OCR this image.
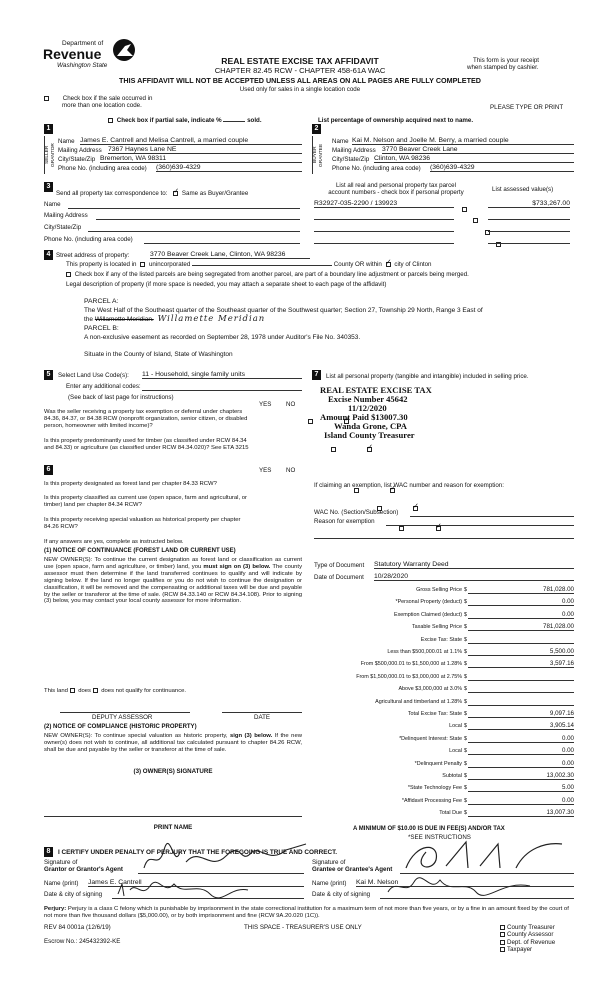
Department of
Revenue
Washington State	REAL ESTATE EXCISE TAX AFFIDAVIT
CHAPTER 82.45 RCW - CHAPTER 458-61A WAC
THIS AFFIDAVIT WILL NOT BE ACCEPTED UNLESS ALL AREAS ON ALL PAGES ARE FULLY COMPLETED
Used only for sales in a single location code
This form is your receipt
when stamped by cashier.
Check box if the sale occurred in
more than one location code.	PLEASE TYPE OR PRINT
Check box if partial sale, indicate %	sold.	List percentage of ownership acquired next to name.
1
SELLER GRANTOR
Name James E. Cantrell and Melisa Cantrell, a married couple
Mailing Address 7367 Haynes Lane NE
City/State/Zip Bremerton, WA 98311
Phone No. (including area code) (360)639-4329
2
BUYER GRANTEE
Name Kai M. Nelson and Joelle M. Berry, a married couple
Mailing Address 3770 Beaver Creek Lane
City/State/Zip Clinton, WA 98236
Phone No. (including area code) (360)639-4329
3
Send all property tax correspondence to: ✓ Same as Buyer/Grantee
Name
Mailing Address
City/State/Zip
Phone No. (including area code)
List all real and personal property tax parcel
account numbers - check box if personal property	List assessed value(s)
R32927-035-2290 / 139923
	$733,267.00

4 Street address of property:	3770 Beaver Creek Lane, Clinton, WA 98236
This property is located in unincorporated	County OR within ✓ city of Clinton
Check box if any of the listed parcels are being segregated from another parcel, are part of a boundary line adjustment or parcels being merged.
Legal description of property (if more space is needed, you may attach a separate sheet to each page of the affidavit)
PARCEL A:
The West Half of the Southeast quarter of the Southeast quarter of the Southwest quarter; Section 27, Township 29 North, Range 3 East of
the Willamette Meridian. Willamette Meridian
PARCEL B:
A non-exclusive easement as recorded on September 28, 1978 under Auditor's File No. 340353.
Situate in the County of Island, State of Washington
5	Select Land Use Code(s): 11 - Household, single family units
Enter any additional codes:
(See back of last page for instructions)
YES NO
Was the seller receiving a property tax exemption or deferral under chapters 84.36, 84.37, or 84.38 RCW (nonprofit organization, senior citizen, or disabled person, homeowner with limited income)?
✓
Is this property predominantly used for timber (as classified under RCW 84.34 and 84.33) or agriculture (as classified under RCW 84.34.020)? See ETA 3215
✓
6	YES NO
Is this property designated as forest land per chapter 84.33 RCW?
✓
Is this property classified as current use (open space, farm and agricultural, or timber) land per chapter 84.34 RCW?
✓
Is this property receiving special valuation as historical property per chapter 84.26 RCW?
✓
If any answers are yes, complete as instructed below.
(1) NOTICE OF CONTINUANCE (FOREST LAND OR CURRENT USE)
NEW OWNER(S): To continue the current designation as forest land or classification as current use (open space, farm and agriculture, or timber) land, you must sign on (3) below. The county assessor must then determine if the land transferred continues to qualify and will indicate by signing below. If the land no longer qualifies or you do not wish to continue the designation or classification, it will be removed and the compensating or additional taxes will be due and payable by the seller or transferor at the time of sale. (RCW 84.33.140 or RCW 84.34.108). Prior to signing (3) below, you may contact your local county assessor for more information.
This land does does not qualify for continuance.
DEPUTY ASSESSOR	DATE
(2) NOTICE OF COMPLIANCE (HISTORIC PROPERTY)
NEW OWNER(S): To continue special valuation as historic property, sign (3) below. If the new owner(s) does not wish to continue, all additional tax calculated pursuant to chapter 84.26 RCW, shall be due and payable by the seller or transferor at the time of sale.
(3) OWNER(S) SIGNATURE
PRINT NAME
7	List all personal property (tangible and intangible) included in selling price.
REAL ESTATE EXCISE TAX
Excise Number 45642
11/12/2020
Amount Paid $13007.30
Wanda Grone, CPA
Island County Treasurer
If claiming an exemption, list WAC number and reason for exemption:
WAC No. (Section/Subsection)
Reason for exemption
Type of Document Statutory Warranty Deed
Date of Document 10/28/2020
Gross Selling Price $	781,028.00
*Personal Property (deduct) $	0.00
Exemption Claimed (deduct) $	0.00
Taxable Selling Price $	781,028.00
Excise Tax: State $
Less than $500,000.01 at 1.1% $	5,500.00
From $500,000.01 to $1,500,000 at 1.28% $	3,597.16
From $1,500,000.01 to $3,000,000 at 2.75% $
Above $3,000,000 at 3.0% $
Agricultural and timberland at 1.28% $
Total Excise Tax: State $	9,097.16
Local $	3,905.14
*Delinquent Interest: State $	0.00
Local $	0.00
*Delinquent Penalty $	0.00
Subtotal $	13,002.30
*State Technology Fee $	5.00
*Affidavit Processing Fee $	0.00
Total Due $	13,007.30
A MINIMUM OF $10.00 IS DUE IN FEE(S) AND/OR TAX
*SEE INSTRUCTIONS
8	I CERTIFY UNDER PENALTY OF PERJURY THAT THE FOREGOING IS TRUE AND CORRECT.
Signature of
Grantor or Grantor's Agent
Name (print) James E. Cantrell
Date & city of signing
Signature of
Grantee or Grantee's Agent
Name (print) Kai M. Nelson
Date & city of signing
Perjury: Perjury is a class C felony which is punishable by imprisonment in the state correctional institution for a maximum term of not more than five years, or by a fine in an amount fixed by the court of not more than five thousand dollars ($5,000.00), or by both imprisonment and fine (RCW 9A.20.020 (1C)).
REV 84 0001a (12/6/19)	THIS SPACE - TREASURER'S USE ONLY
Escrow No.: 245432392-KE
County Treasurer
County Assessor
Dept. of Revenue
Taxpayer
